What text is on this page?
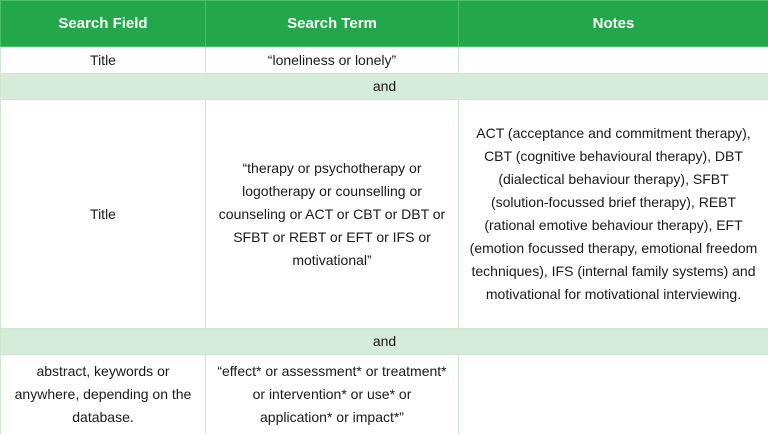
Search Field	Search Term	Notes
Title	“loneliness or lonely”	
and		
Title	“therapy or psychotherapy or logotherapy or counselling or counseling or ACT or CBT or DBT or SFBT or REBT or EFT or IFS or motivational”	ACT (acceptance and commitment therapy), CBT (cognitive behavioural therapy), DBT (dialectical behaviour therapy), SFBT (solution-focussed brief therapy), REBT (rational emotive behaviour therapy), EFT (emotion focussed therapy, emotional freedom techniques), IFS (internal family systems) and motivational for motivational interviewing.
and		
abstract, keywords or anywhere, depending on the database.	“effect* or assessment* or treatment* or intervention* or use* or application* or impact*”	
